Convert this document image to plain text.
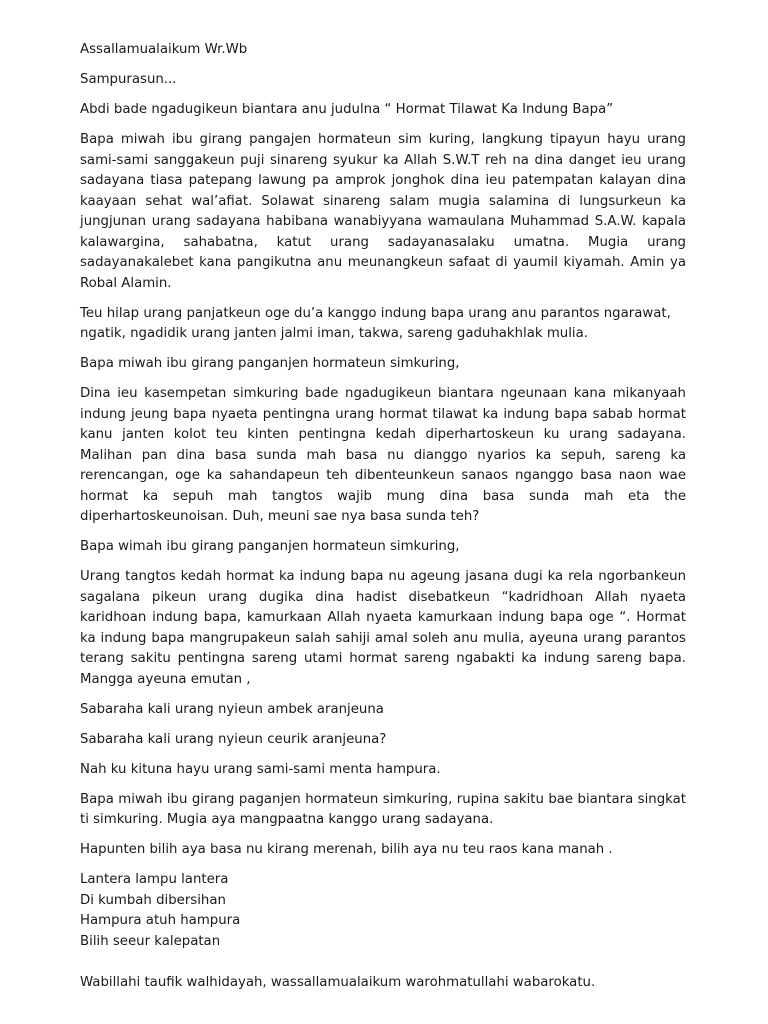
Assallamualaikum Wr.Wb

Sampurasun...

Abdi bade ngadugikeun biantara anu judulna “ Hormat Tilawat Ka Indung Bapa”

Bapa miwah ibu girang pangajen hormateun sim kuring, langkung tipayun hayu urang sami-sami sanggakeun puji sinareng syukur ka Allah S.W.T reh na dina danget ieu urang sadayana tiasa patepang lawung pa amprok jonghok dina ieu patempatan kalayan dina kaayaan sehat wal’afiat. Solawat sinareng salam mugia salamina di lungsurkeun ka jungjunan urang sadayana habibana wanabiyyana wamaulana Muhammad S.A.W. kapala kalawargina, sahabatna, katut urang sadayanasalaku umatna. Mugia urang sadayanakalebet kana pangikutna anu meunangkeun safaat di yaumil kiyamah. Amin ya Robal Alamin.

Teu hilap urang panjatkeun oge du’a kanggo indung bapa urang anu parantos ngarawat, ngatik, ngadidik urang janten jalmi iman, takwa, sareng gaduhakhlak mulia.

Bapa miwah ibu girang panganjen hormateun simkuring,

Dina ieu kasempetan simkuring bade ngadugikeun biantara ngeunaan kana mikanyaah indung jeung bapa nyaeta pentingna urang hormat tilawat ka indung bapa sabab hormat kanu janten kolot teu kinten pentingna kedah diperhartoskeun ku urang sadayana. Malihan pan dina basa sunda mah basa nu dianggo nyarios ka sepuh, sareng ka rerencangan, oge ka sahandapeun teh dibenteunkeun sanaos nganggo basa naon wae hormat ka sepuh mah tangtos wajib mung dina basa sunda mah eta the diperhartoskeunoisan. Duh, meuni sae nya basa sunda teh?

Bapa wimah ibu girang panganjen hormateun simkuring,

Urang tangtos kedah hormat ka indung bapa nu ageung jasana dugi ka rela ngorbankeun sagalana pikeun urang dugika dina hadist disebatkeun “kadridhoan Allah nyaeta karidhoan indung bapa, kamurkaan Allah nyaeta kamurkaan indung bapa oge “. Hormat ka indung bapa mangrupakeun salah sahiji amal soleh anu mulia, ayeuna urang parantos terang sakitu pentingna sareng utami hormat sareng ngabakti ka indung sareng bapa. Mangga ayeuna emutan ,

Sabaraha kali urang nyieun ambek aranjeuna

Sabaraha kali urang nyieun ceurik aranjeuna?

Nah ku kituna hayu urang sami-sami menta hampura.

Bapa miwah ibu girang paganjen hormateun simkuring, rupina sakitu bae biantara singkat ti simkuring. Mugia aya mangpaatna kanggo urang sadayana.

Hapunten bilih aya basa nu kirang merenah, bilih aya nu teu raos kana manah .

Lantera lampu lantera
Di kumbah dibersihan
Hampura atuh hampura
Bilih seeur kalepatan

Wabillahi taufik walhidayah, wassallamualaikum warohmatullahi wabarokatu.
